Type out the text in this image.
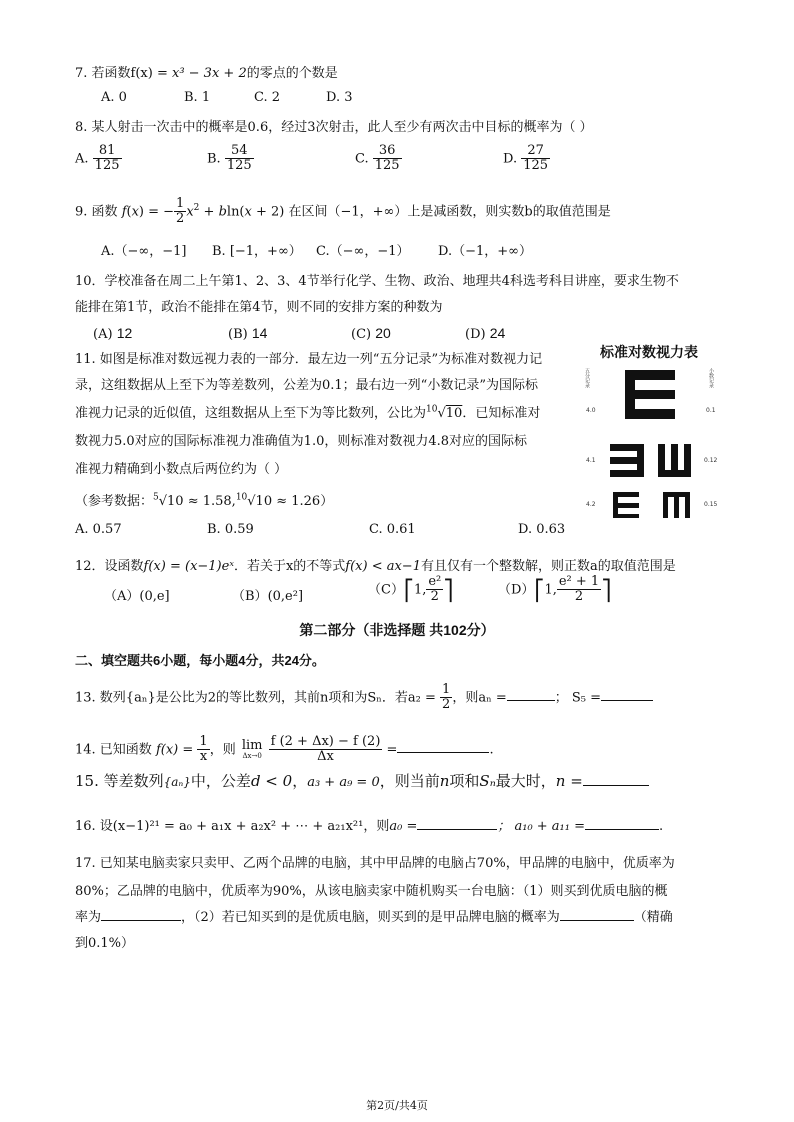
7. 若函数f(x) = x³ − 3x + 2的零点的个数是
A. 0	B. 1	C. 2	D. 3
8. 某人射击一次击中的概率是0.6，经过3次射击，此人至少有两次击中目标的概率为（ ）
A. $\frac{81}{125}$	B. $\frac{54}{125}$	C. $\frac{36}{125}$	D. $\frac{27}{125}$
9. 函数 f(x) = − $\frac{1}{2} x^2 + bln(x + 2)$ 在区间（−1，+∞）上是减函数，则实数b的取值范围是
A.（−∞，−1] B. [−1，+∞） C.（−∞，−1） D.（−1，+∞）
10．学校准备在周二上午第1、2、3、4节举行化学、生物、政治、地理共4科选考科目讲座，要求生物不
能排在第1节，政治不能排在第4节，则不同的安排方案的种数为
(A) 12	(B) 14	(C) 20	(D) 24
11. 如图是标准对数远视力表的一部分．最左边一列“五分记录”为标准对数视力记
录，这组数据从上至下为等差数列，公差为0.1；最右边一列“小数记录”为国际标
准视力记录的近似值，这组数据从上至下为等比数列，公比为$^{10}$√10．已知标准对
数视力5.0对应的国际标准视力准确值为1.0，则标准对数视力4.8对应的国际标
准视力精确到小数点后两位约为（ ）
（参考数据：$^5$√10 ≈ 1.58,10√10 ≈ 1.26）
A. 0.57	B. 0.59	C. 0.61	D. 0.63
标准对数视力表
五分记录	小数记录
4.0
4.1
4.2
0.1
0.12
0.15
12．设函数f(x) = (x−1)eˣ．若关于x的不等式f(x) < ax−1有且仅有一个整数解，则正数a的取值范围是
（A）(0,e]	（B）(0,e²]	（C）⎡1, $\frac{\text{e²}}{2}$ ⎤	（D）⎡1, $\frac{\text{e² + 1}}{2}$ ⎤
第二部分（非选择题 共102分）
二、填空题共6小题，每小题4分，共24分。
13. 数列{aₙ}是公比为2的等比数列，其前n项和为Sₙ．若$a_2 = \frac{1}{2}$ ，则aₙ =	； S₅ =
14. 已知函数 $f(x) = \frac{1}{x}$ ，则 lim
Δx→0
$\frac{f (2 + \Delta x) - f (2)}{\Delta x}$ =	.
15. 等差数列{aₙ}中，公差d < 0，a₃ + a₉ = 0，则当前n项和Sₙ最大时，n =
16. 设(x−1)²¹ = a₀ + a₁x + a₂x² + ⋯ + a₂₁x²¹，则a₀ =	； a₁₀ + a₁₁ =	.
17. 已知某电脑卖家只卖甲、乙两个品牌的电脑，其中甲品牌的电脑占70%，甲品牌的电脑中，优质率为
80%；乙品牌的电脑中，优质率为90%，从该电脑卖家中随机购买一台电脑：（1）则买到优质电脑的概
率为	，（2）若已知买到的是优质电脑，则买到的是甲品牌电脑的概率为	（精确
到0.1%）
第2页/共4页
